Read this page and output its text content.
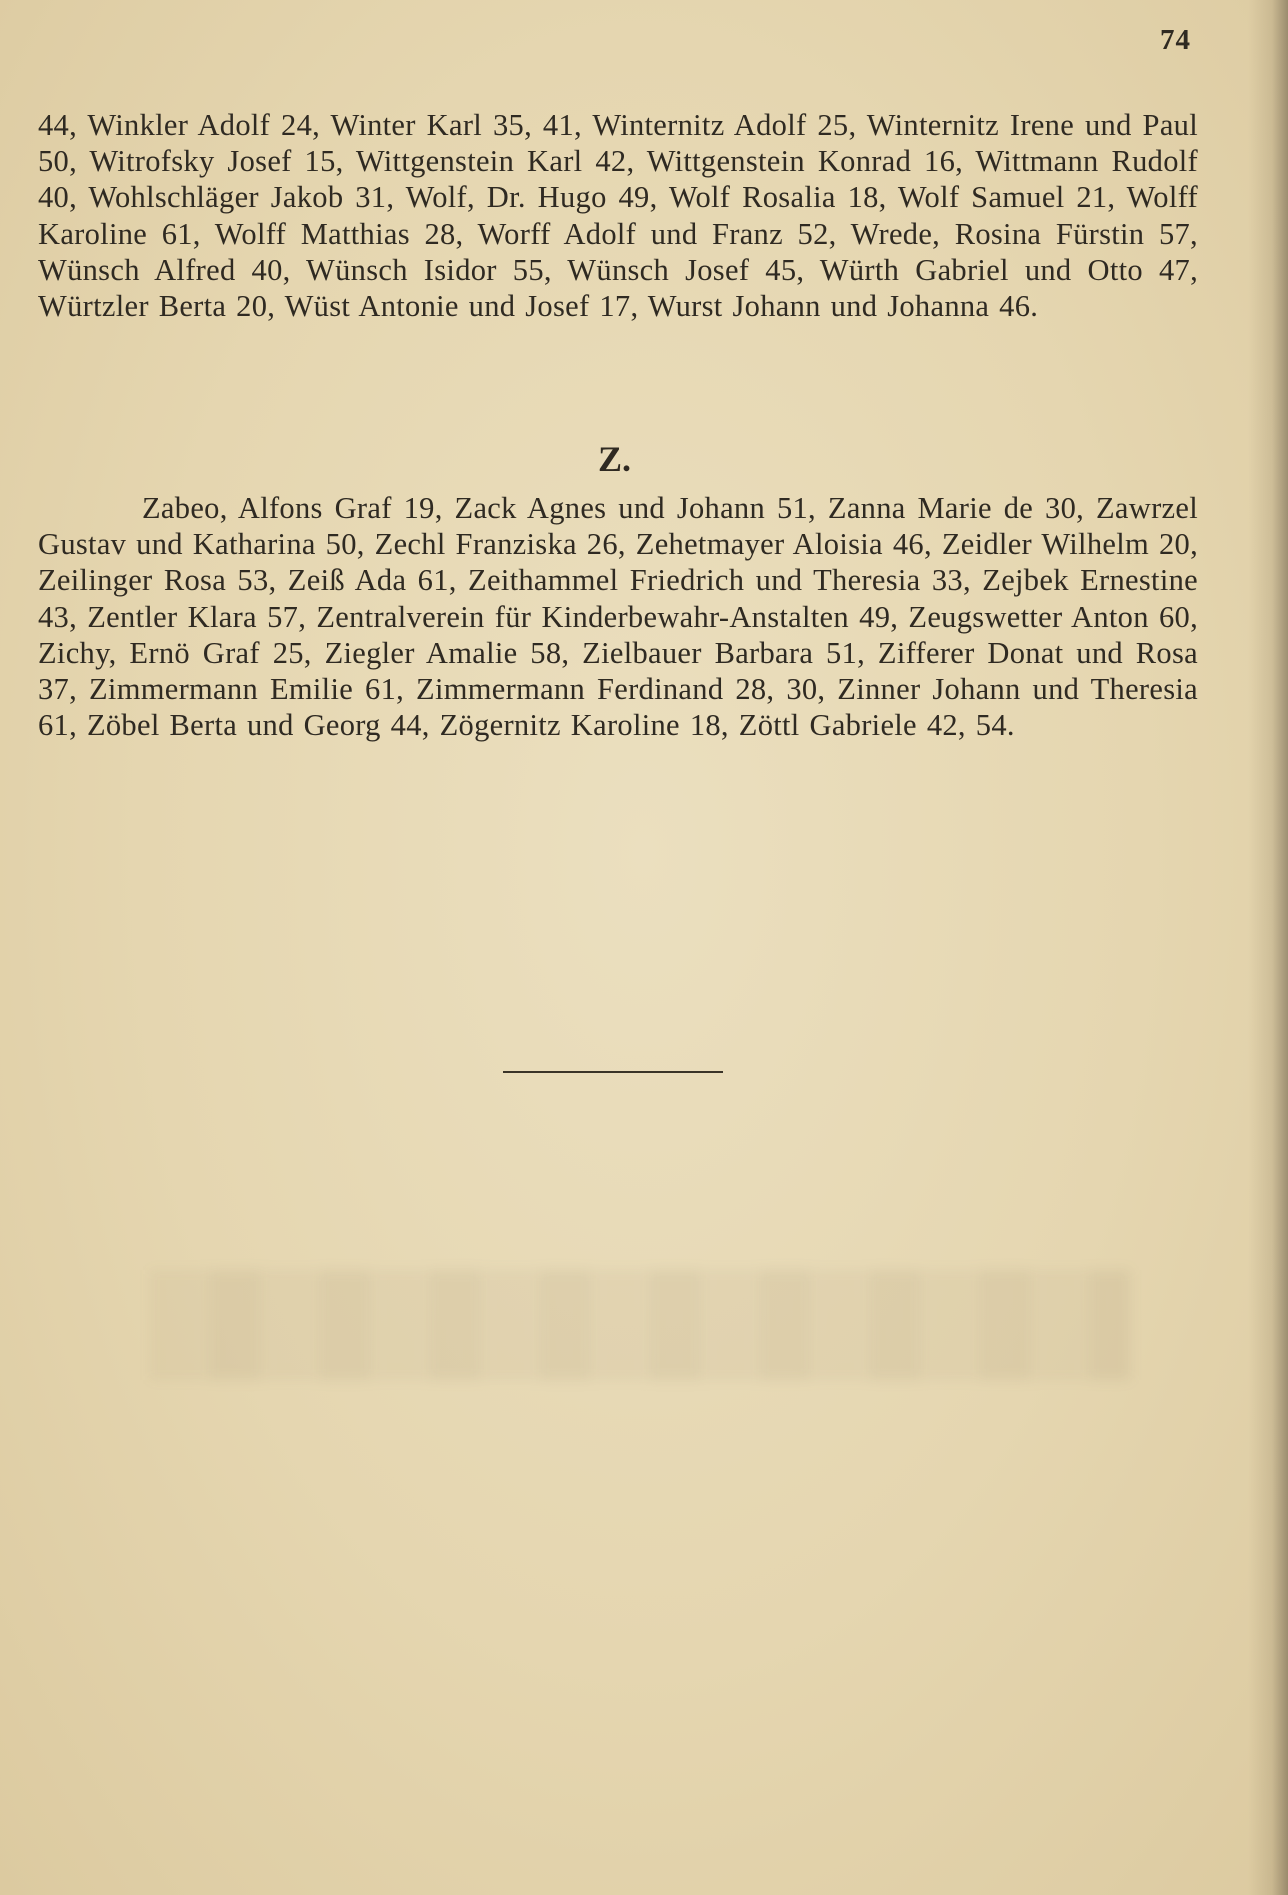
74
44, Winkler Adolf 24, Winter Karl 35, 41, Winternitz Adolf 25, Winternitz Irene und Paul 50, Witrofsky Josef 15, Wittgenstein Karl 42, Wittgenstein Konrad 16, Wittmann Rudolf 40, Wohlschläger Jakob 31, Wolf, Dr. Hugo 49, Wolf Rosalia 18, Wolf Samuel 21, Wolff Karoline 61, Wolff Matthias 28, Worff Adolf und Franz 52, Wrede, Rosina Fürstin 57, Wünsch Alfred 40, Wünsch Isidor 55, Wünsch Josef 45, Würth Gabriel und Otto 47, Würtzler Berta 20, Wüst Antonie und Josef 17, Wurst Johann und Johanna 46.
Z.
Zabeo, Alfons Graf 19, Zack Agnes und Johann 51, Zanna Marie de 30, Zawrzel Gustav und Katharina 50, Zechl Franziska 26, Zehetmayer Aloisia 46, Zeidler Wilhelm 20, Zeilinger Rosa 53, Zeiß Ada 61, Zeithammel Friedrich und Theresia 33, Zejbek Ernestine 43, Zentler Klara 57, Zentralverein für Kinderbewahr-Anstalten 49, Zeugswetter Anton 60, Zichy, Ernö Graf 25, Ziegler Amalie 58, Zielbauer Barbara 51, Zifferer Donat und Rosa 37, Zimmermann Emilie 61, Zimmermann Ferdinand 28, 30, Zinner Johann und Theresia 61, Zöbel Berta und Georg 44, Zögernitz Karoline 18, Zöttl Gabriele 42, 54.
